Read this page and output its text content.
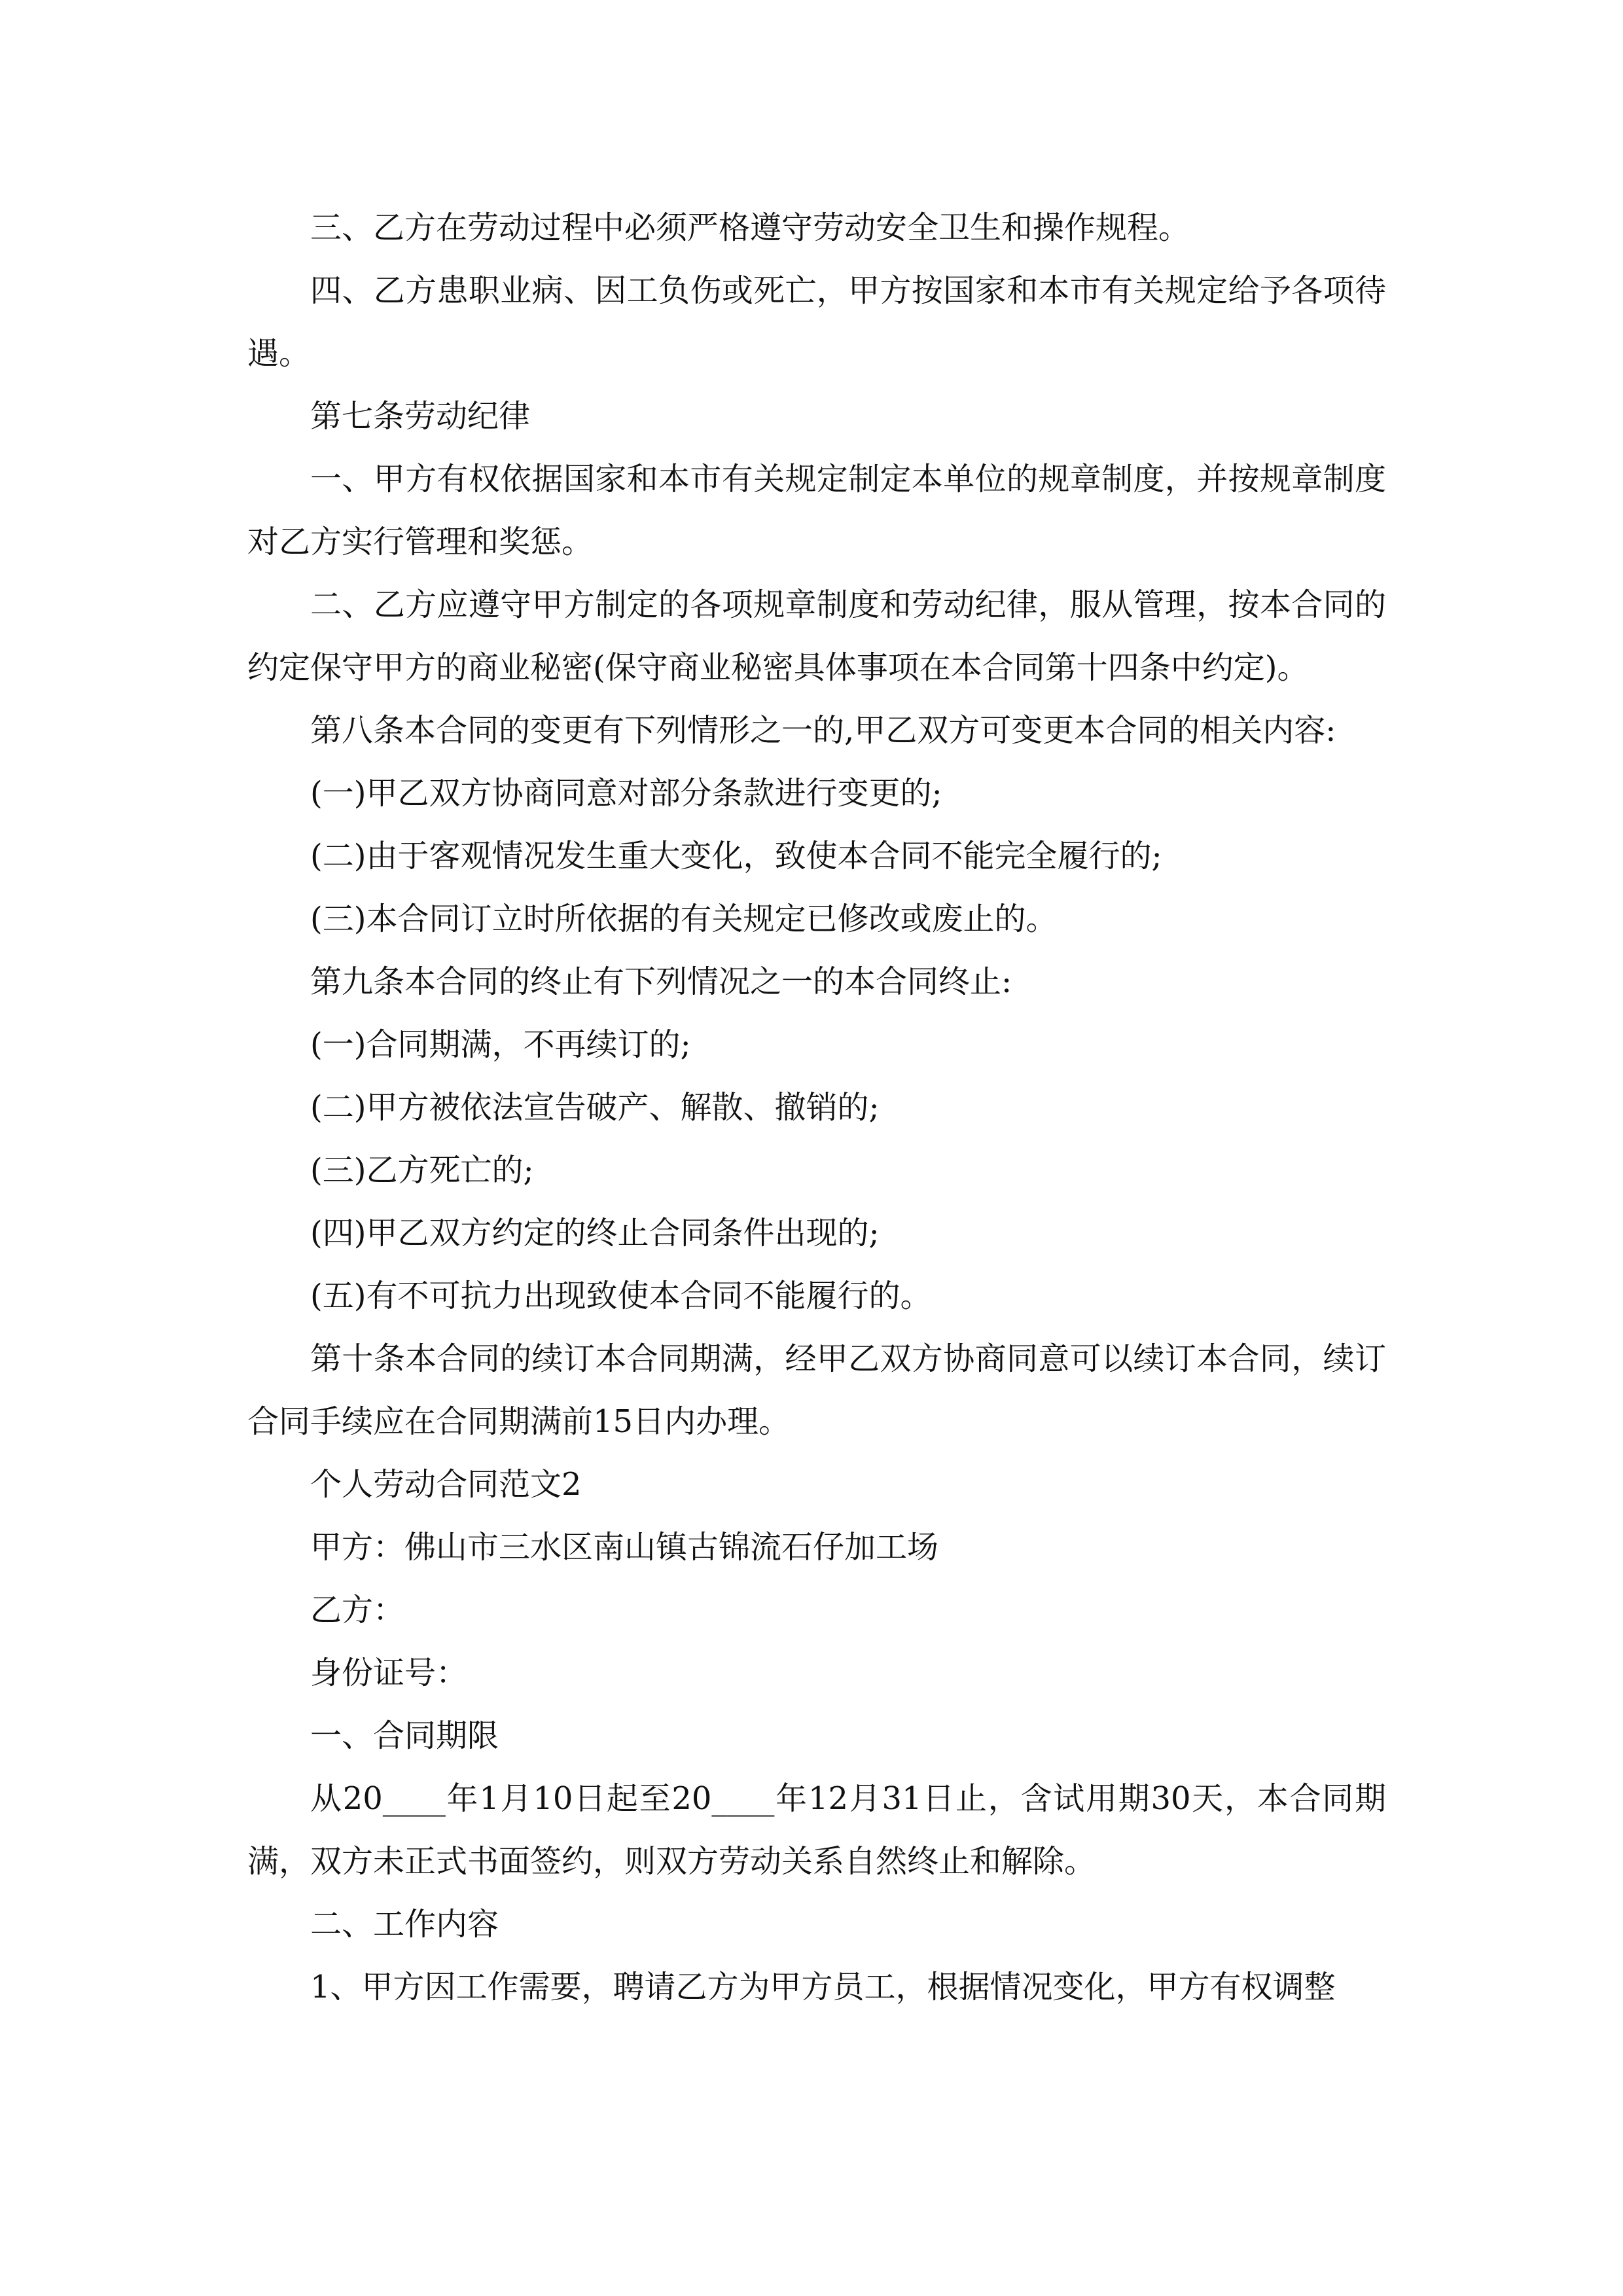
三、乙方在劳动过程中必须严格遵守劳动安全卫生和操作规程。

四、乙方患职业病、因工负伤或死亡，甲方按国家和本市有关规定给予各项待遇。

第七条劳动纪律

一、甲方有权依据国家和本市有关规定制定本单位的规章制度，并按规章制度对乙方实行管理和奖惩。

二、乙方应遵守甲方制定的各项规章制度和劳动纪律，服从管理，按本合同的约定保守甲方的商业秘密(保守商业秘密具体事项在本合同第十四条中约定)。

第八条本合同的变更有下列情形之一的,甲乙双方可变更本合同的相关内容:

(一)甲乙双方协商同意对部分条款进行变更的;

(二)由于客观情况发生重大变化，致使本合同不能完全履行的;

(三)本合同订立时所依据的有关规定已修改或废止的。

第九条本合同的终止有下列情况之一的本合同终止:

(一)合同期满，不再续订的;

(二)甲方被依法宣告破产、解散、撤销的;

(三)乙方死亡的;

(四)甲乙双方约定的终止合同条件出现的;

(五)有不可抗力出现致使本合同不能履行的。

第十条本合同的续订本合同期满，经甲乙双方协商同意可以续订本合同，续订合同手续应在合同期满前15日内办理。

个人劳动合同范文2

甲方：佛山市三水区南山镇古锦流石仔加工场

乙方：

身份证号：

一、合同期限

从20____年1月10日起至20____年12月31日止，含试用期30天，本合同期满，双方未正式书面签约，则双方劳动关系自然终止和解除。

二、工作内容

1、甲方因工作需要，聘请乙方为甲方员工，根据情况变化，甲方有权调整
